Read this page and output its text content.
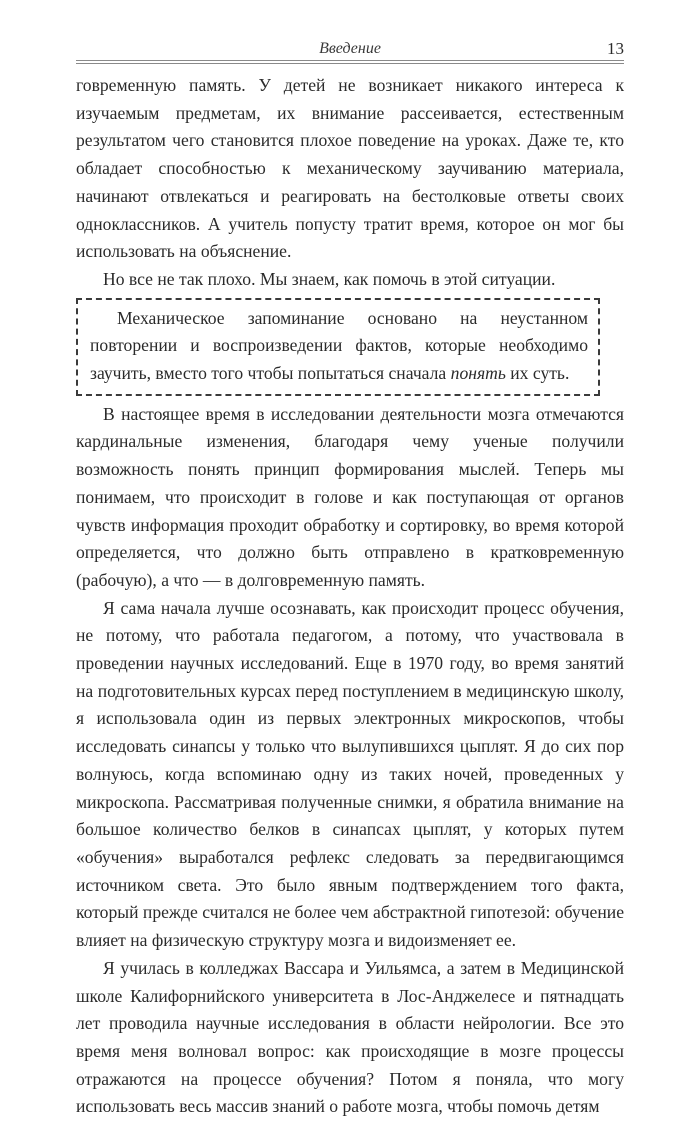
Введение	13

говременную память. У детей не возникает никакого интереса к изучаемым предметам, их внимание рассеивается, естественным результатом чего становится плохое поведение на уроках. Даже те, кто обладает способностью к механическому заучиванию материала, начинают отвлекаться и реагировать на бестолковые ответы своих одноклассников. А учитель попусту тратит время, которое он мог бы использовать на объяснение.

Но все не так плохо. Мы знаем, как помочь в этой ситуации.

Механическое запоминание основано на неустанном повторении и воспроизведении фактов, которые необходимо заучить, вместо того чтобы попытаться сначала понять их суть.

В настоящее время в исследовании деятельности мозга отмечаются кардинальные изменения, благодаря чему ученые получили возможность понять принцип формирования мыслей. Теперь мы понимаем, что происходит в голове и как поступающая от органов чувств информация проходит обработку и сортировку, во время которой определяется, что должно быть отправлено в кратковременную (рабочую), а что — в долговременную память.

Я сама начала лучше осознавать, как происходит процесс обучения, не потому, что работала педагогом, а потому, что участвовала в проведении научных исследований. Еще в 1970 году, во время занятий на подготовительных курсах перед поступлением в медицинскую школу, я использовала один из первых электронных микроскопов, чтобы исследовать синапсы у только что вылупившихся цыплят. Я до сих пор волнуюсь, когда вспоминаю одну из таких ночей, проведенных у микроскопа. Рассматривая полученные снимки, я обратила внимание на большое количество белков в синапсах цыплят, у которых путем «обучения» выработался рефлекс следовать за передвигающимся источником света. Это было явным подтверждением того факта, который прежде считался не более чем абстрактной гипотезой: обучение влияет на физическую структуру мозга и видоизменяет ее.

Я училась в колледжах Вассара и Уильямса, а затем в Медицинской школе Калифорнийского университета в Лос-Анджелесе и пятнадцать лет проводила научные исследования в области нейрологии. Все это время меня волновал вопрос: как происходящие в мозге процессы отражаются на процессе обучения? Потом я поняла, что могу использовать весь массив знаний о работе мозга, чтобы помочь детям
